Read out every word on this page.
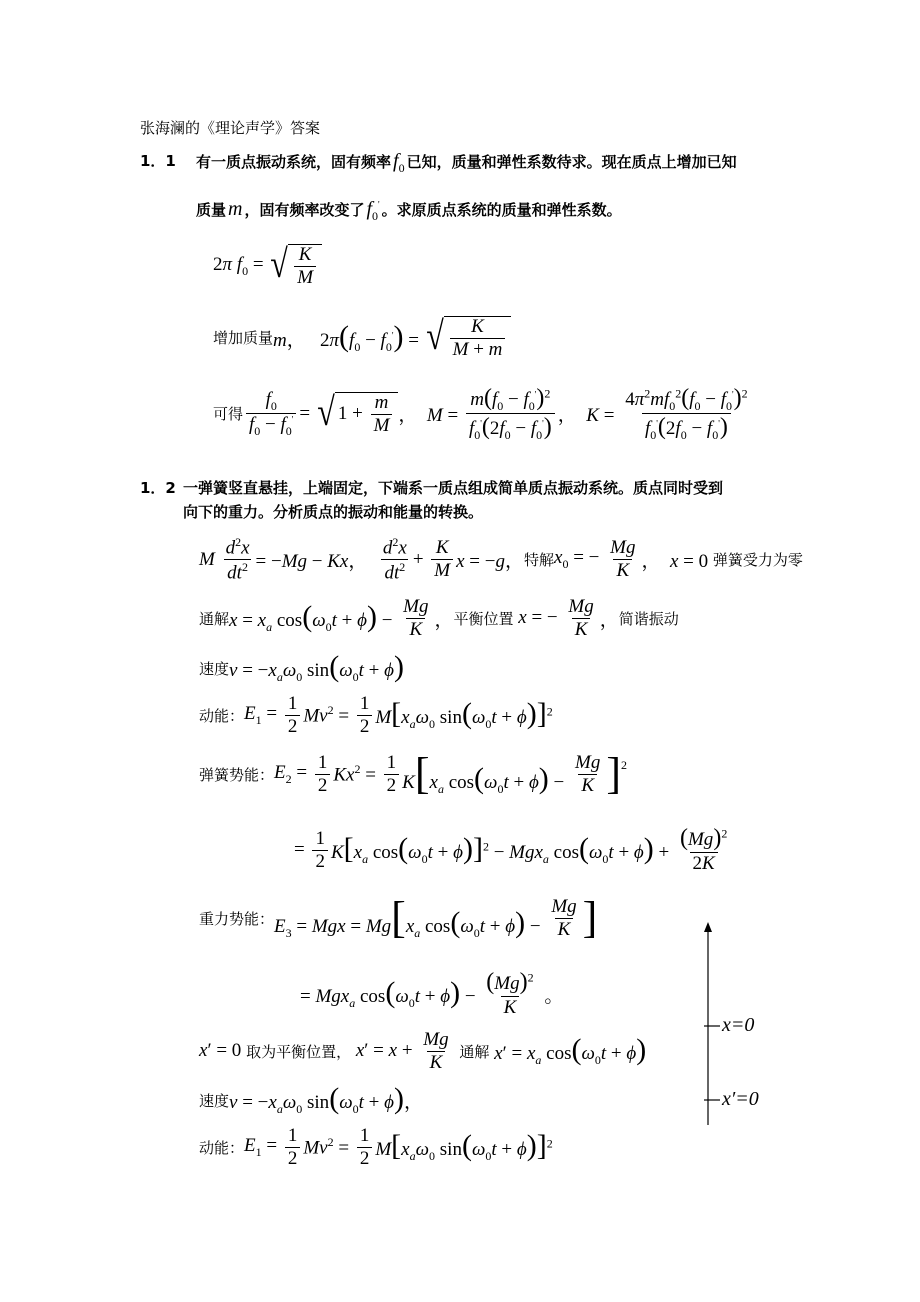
张海澜的《理论声学》答案
1．1 有一质点振动系统，固有频率 $f_0$ 已知，质量和弹性系数待求。现在质点上增加已知
质量 m ，固有频率改变了 $f_0'$ 。求原质点系统的质量和弹性系数。
2π $f_0$ = √ K
M
增加质量 m，   $2\pi(f_0 - f_0')$ = √ K
M + m
可得 $\frac{f_0}{f_0 - f_0'}$ = √ $1 + \frac{m}{M}$ ，  $M = \frac{m(f_0 - f_0')^2}{f_0'(2f_0 - f_0')}$ ，  $K = \frac{4\pi^2mf_0^2(f_0 - f_0')^2}{f_0'(2f_0 - f_0')}$
1．2 一弹簧竖直悬挂，上端固定，下端系一质点组成简单质点振动系统。质点同时受到
向下的重力。分析质点的振动和能量的转换。
M $\frac{d^2x}{dt^2} = -Mg - Kx$，
$d^2x$
$dt^2 + \frac{K}{M}$ x = −g， 特解 $x_0$ = − $\frac{Mg}{K}$ ，  x = 0 弹簧受力为零
通解 $x = x_a$ $\cos(\omega_0t + \phi) - \frac{Mg}{K}$ ， 平衡位置 x = − $\frac{Mg}{K}$ ， 简谐振动
速度 $v = -x_a\omega_0$ $\sin(\omega_0t + \phi)$
动能： $E_1 = \frac{1}{2} Mv^2 = \frac{1}{2} M[x_a\omega_0$ $\sin(\omega_0t + \phi)]^2$
弹簧势能： $E_2 = \frac{1}{2} Kx^2 = \frac{1}{2} K[x_a$ $\cos(\omega_0t + \phi) - \frac{Mg}{K} ]^2$
= $\frac{1}{2} K[x_a$ $\cos(\omega_0t + \phi)]^2 - Mgx_a$ $\cos(\omega_0t + \phi) + \frac{(Mg)^2}{2K}$
重力势能： $E_3$ = Mgx = $Mg[x_a$ $\cos(\omega_0t + \phi) - \frac{Mg}{K}$ ]
= Mgx$_a$ $\cos(\omega_0t + \phi) - \frac{(Mg)^2}{K}$ 。
x′ = 0 取为平衡位置， $x' = x + \frac{Mg}{K}$
通解 $x' = x_a$ $\cos(\omega_0t + \phi)$
速度 $v = -x_a\omega_0$ $\sin(\omega_0t + \phi)$，
动能： $E_1 = \frac{1}{2} Mv^2 = \frac{1}{2} M[x_a\omega_0$ $\sin(\omega_0t + \phi)]^2$
x=0
x′=0
